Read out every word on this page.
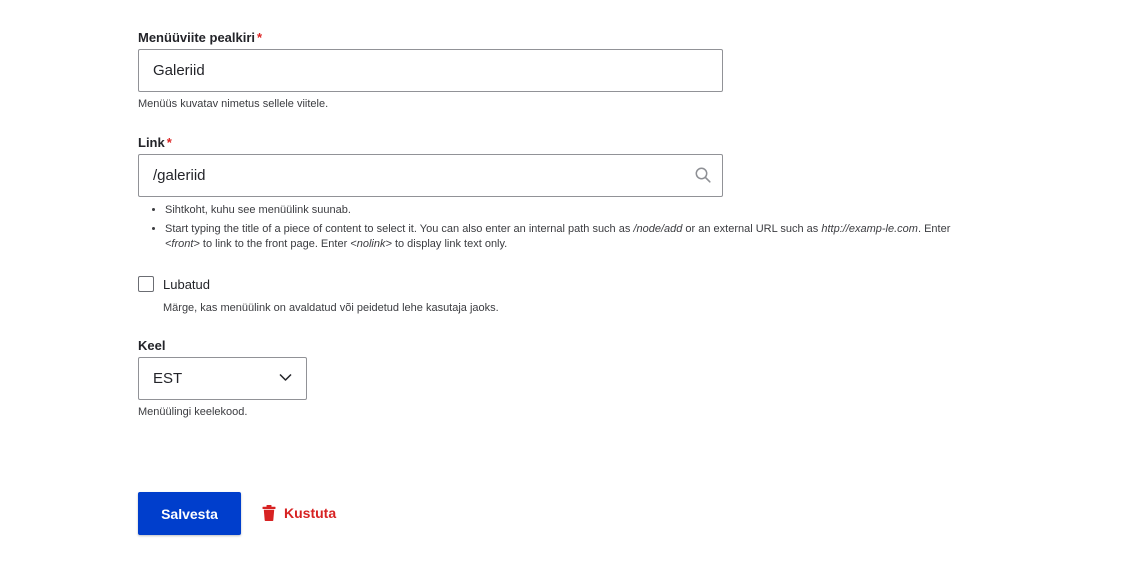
Menüüviite pealkiri *
Galeriid
Menüüs kuvatav nimetus sellele viitele.
Link *
/galeriid
• Sihtkoht, kuhu see menüülink suunab.
• Start typing the title of a piece of content to select it. You can also enter an internal path such as /node/add or an external URL such as http://examp-le.com. Enter <front> to link to the front page. Enter <nolink> to display link text only.
Lubatud
Märge, kas menüülink on avaldatud või peidetud lehe kasutaja jaoks.
Keel
EST
Menüülingi keelekood.
Salvesta	Kustuta
